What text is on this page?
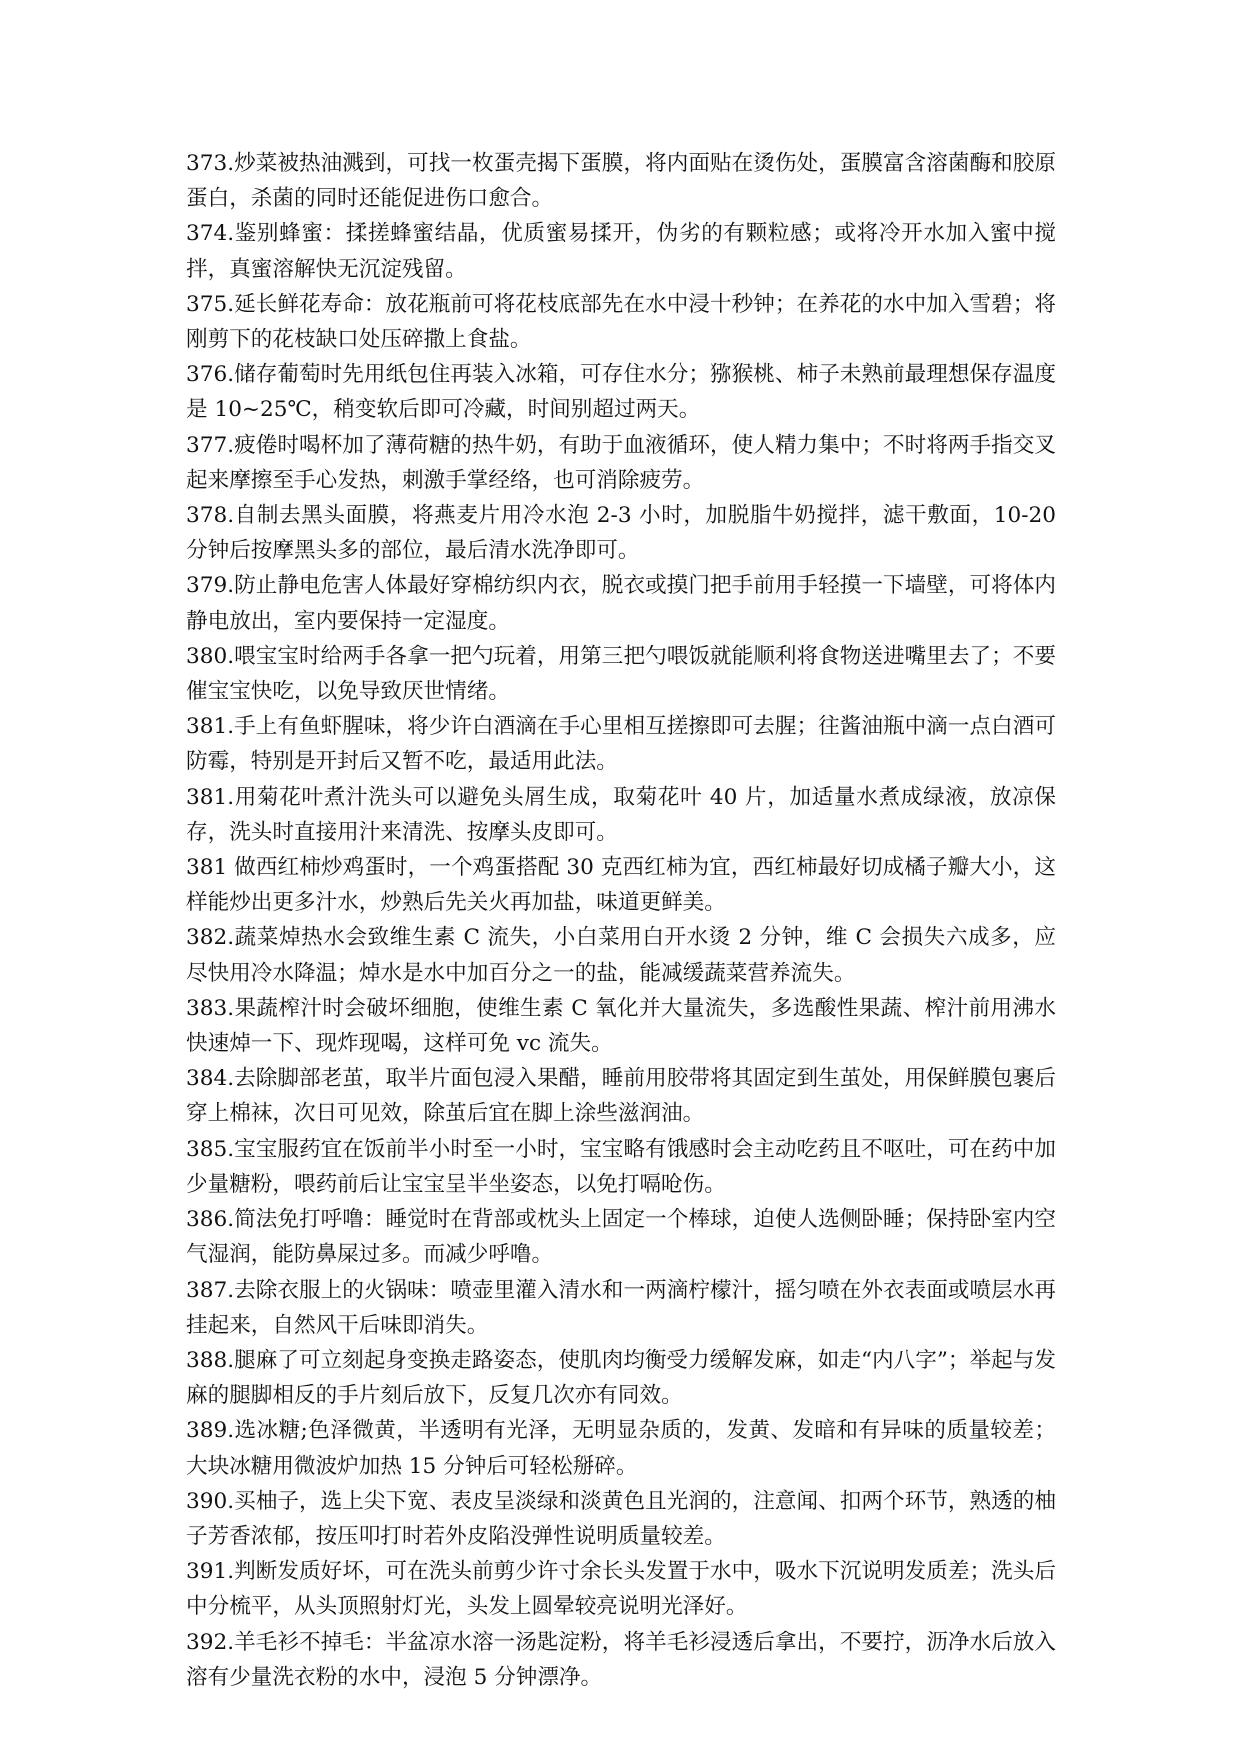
373.炒菜被热油溅到，可找一枚蛋壳揭下蛋膜，将内面贴在烫伤处，蛋膜富含溶菌酶和胶原蛋白，杀菌的同时还能促进伤口愈合。

374.鉴别蜂蜜：揉搓蜂蜜结晶，优质蜜易揉开，伪劣的有颗粒感；或将冷开水加入蜜中搅拌，真蜜溶解快无沉淀残留。

375.延长鲜花寿命：放花瓶前可将花枝底部先在水中浸十秒钟；在养花的水中加入雪碧；将刚剪下的花枝缺口处压碎撒上食盐。

376.储存葡萄时先用纸包住再装入冰箱，可存住水分；猕猴桃、柿子未熟前最理想保存温度是 10~25℃，稍变软后即可冷藏，时间别超过两天。

377.疲倦时喝杯加了薄荷糖的热牛奶，有助于血液循环，使人精力集中；不时将两手指交叉起来摩擦至手心发热，刺激手掌经络，也可消除疲劳。

378.自制去黑头面膜，将燕麦片用冷水泡 2-3 小时，加脱脂牛奶搅拌，滤干敷面，10-20 分钟后按摩黑头多的部位，最后清水洗净即可。

379.防止静电危害人体最好穿棉纺织内衣，脱衣或摸门把手前用手轻摸一下墙壁，可将体内静电放出，室内要保持一定湿度。

380.喂宝宝时给两手各拿一把勺玩着，用第三把勺喂饭就能顺利将食物送进嘴里去了；不要催宝宝快吃，以免导致厌世情绪。

381.手上有鱼虾腥味，将少许白酒滴在手心里相互搓擦即可去腥；往酱油瓶中滴一点白酒可防霉，特别是开封后又暂不吃，最适用此法。

381.用菊花叶煮汁洗头可以避免头屑生成，取菊花叶 40 片，加适量水煮成绿液，放凉保存，洗头时直接用汁来清洗、按摩头皮即可。

381 做西红柿炒鸡蛋时，一个鸡蛋搭配 30 克西红柿为宜，西红柿最好切成橘子瓣大小，这样能炒出更多汁水，炒熟后先关火再加盐，味道更鲜美。

382.蔬菜焯热水会致维生素 C 流失，小白菜用白开水烫 2 分钟，维 C 会损失六成多，应尽快用冷水降温；焯水是水中加百分之一的盐，能减缓蔬菜营养流失。

383.果蔬榨汁时会破坏细胞，使维生素 C 氧化并大量流失，多选酸性果蔬、榨汁前用沸水快速焯一下、现炸现喝，这样可免 vc 流失。

384.去除脚部老茧，取半片面包浸入果醋，睡前用胶带将其固定到生茧处，用保鲜膜包裹后穿上棉袜，次日可见效，除茧后宜在脚上涂些滋润油。

385.宝宝服药宜在饭前半小时至一小时，宝宝略有饿感时会主动吃药且不呕吐，可在药中加少量糖粉，喂药前后让宝宝呈半坐姿态，以免打嗝呛伤。

386.简法免打呼噜：睡觉时在背部或枕头上固定一个棒球，迫使人选侧卧睡；保持卧室内空气湿润，能防鼻屎过多。而减少呼噜。

387.去除衣服上的火锅味：喷壶里灌入清水和一两滴柠檬汁，摇匀喷在外衣表面或喷层水再挂起来，自然风干后味即消失。

388.腿麻了可立刻起身变换走路姿态，使肌肉均衡受力缓解发麻，如走“内八字”；举起与发麻的腿脚相反的手片刻后放下，反复几次亦有同效。

389.选冰糖;色泽微黄，半透明有光泽，无明显杂质的，发黄、发暗和有异味的质量较差；大块冰糖用微波炉加热 15 分钟后可轻松掰碎。

390.买柚子，选上尖下宽、表皮呈淡绿和淡黄色且光润的，注意闻、扣两个环节，熟透的柚子芳香浓郁，按压叩打时若外皮陷没弹性说明质量较差。

391.判断发质好坏，可在洗头前剪少许寸余长头发置于水中，吸水下沉说明发质差；洗头后中分梳平，从头顶照射灯光，头发上圆晕较亮说明光泽好。

392.羊毛衫不掉毛：半盆凉水溶一汤匙淀粉，将羊毛衫浸透后拿出，不要拧，沥净水后放入溶有少量洗衣粉的水中，浸泡 5 分钟漂净。
